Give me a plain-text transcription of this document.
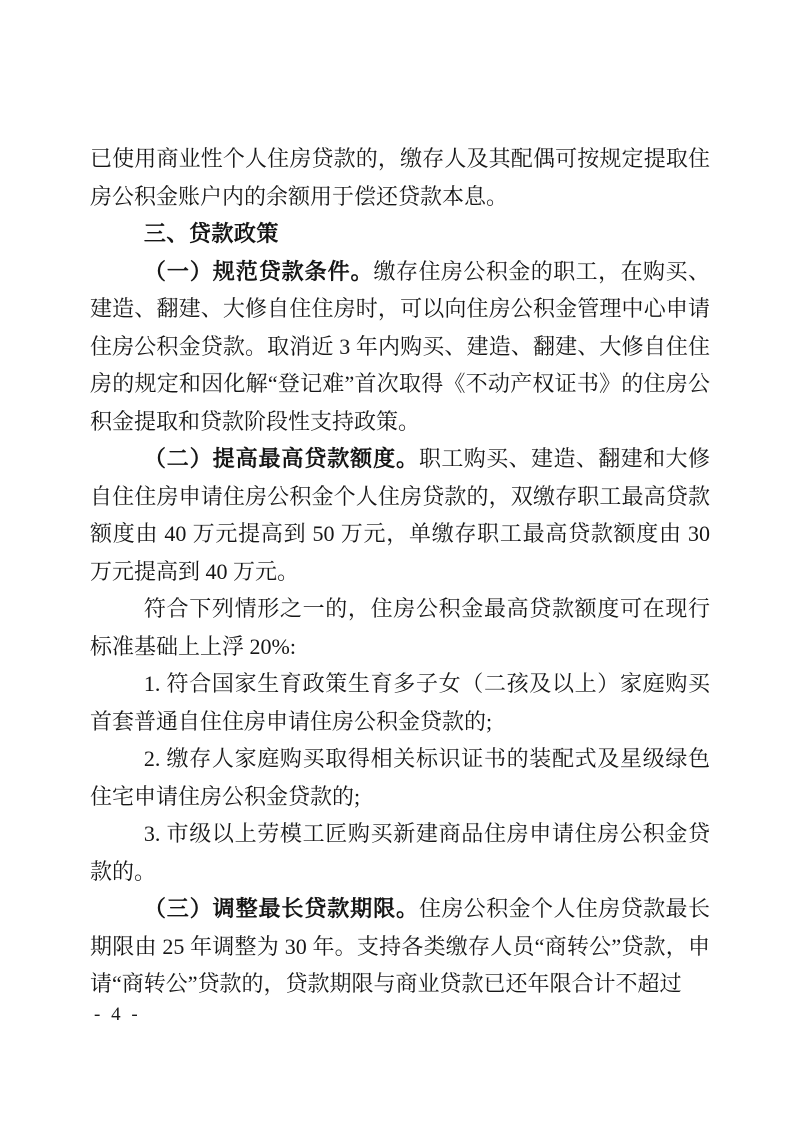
已使用商业性个人住房贷款的，缴存人及其配偶可按规定提取住房公积金账户内的余额用于偿还贷款本息。

三、贷款政策

（一）规范贷款条件。缴存住房公积金的职工，在购买、建造、翻建、大修自住住房时，可以向住房公积金管理中心申请住房公积金贷款。取消近 3 年内购买、建造、翻建、大修自住住房的规定和因化解“登记难”首次取得《不动产权证书》的住房公积金提取和贷款阶段性支持政策。

（二）提高最高贷款额度。职工购买、建造、翻建和大修自住住房申请住房公积金个人住房贷款的，双缴存职工最高贷款额度由 40 万元提高到 50 万元，单缴存职工最高贷款额度由 30 万元提高到 40 万元。

符合下列情形之一的，住房公积金最高贷款额度可在现行标准基础上上浮 20%:

1. 符合国家生育政策生育多子女（二孩及以上）家庭购买首套普通自住住房申请住房公积金贷款的;

2. 缴存人家庭购买取得相关标识证书的装配式及星级绿色住宅申请住房公积金贷款的;

3. 市级以上劳模工匠购买新建商品住房申请住房公积金贷款的。

（三）调整最长贷款期限。住房公积金个人住房贷款最长期限由 25 年调整为 30 年。支持各类缴存人员“商转公”贷款，申请“商转公”贷款的，贷款期限与商业贷款已还年限合计不超过

- 4 -
